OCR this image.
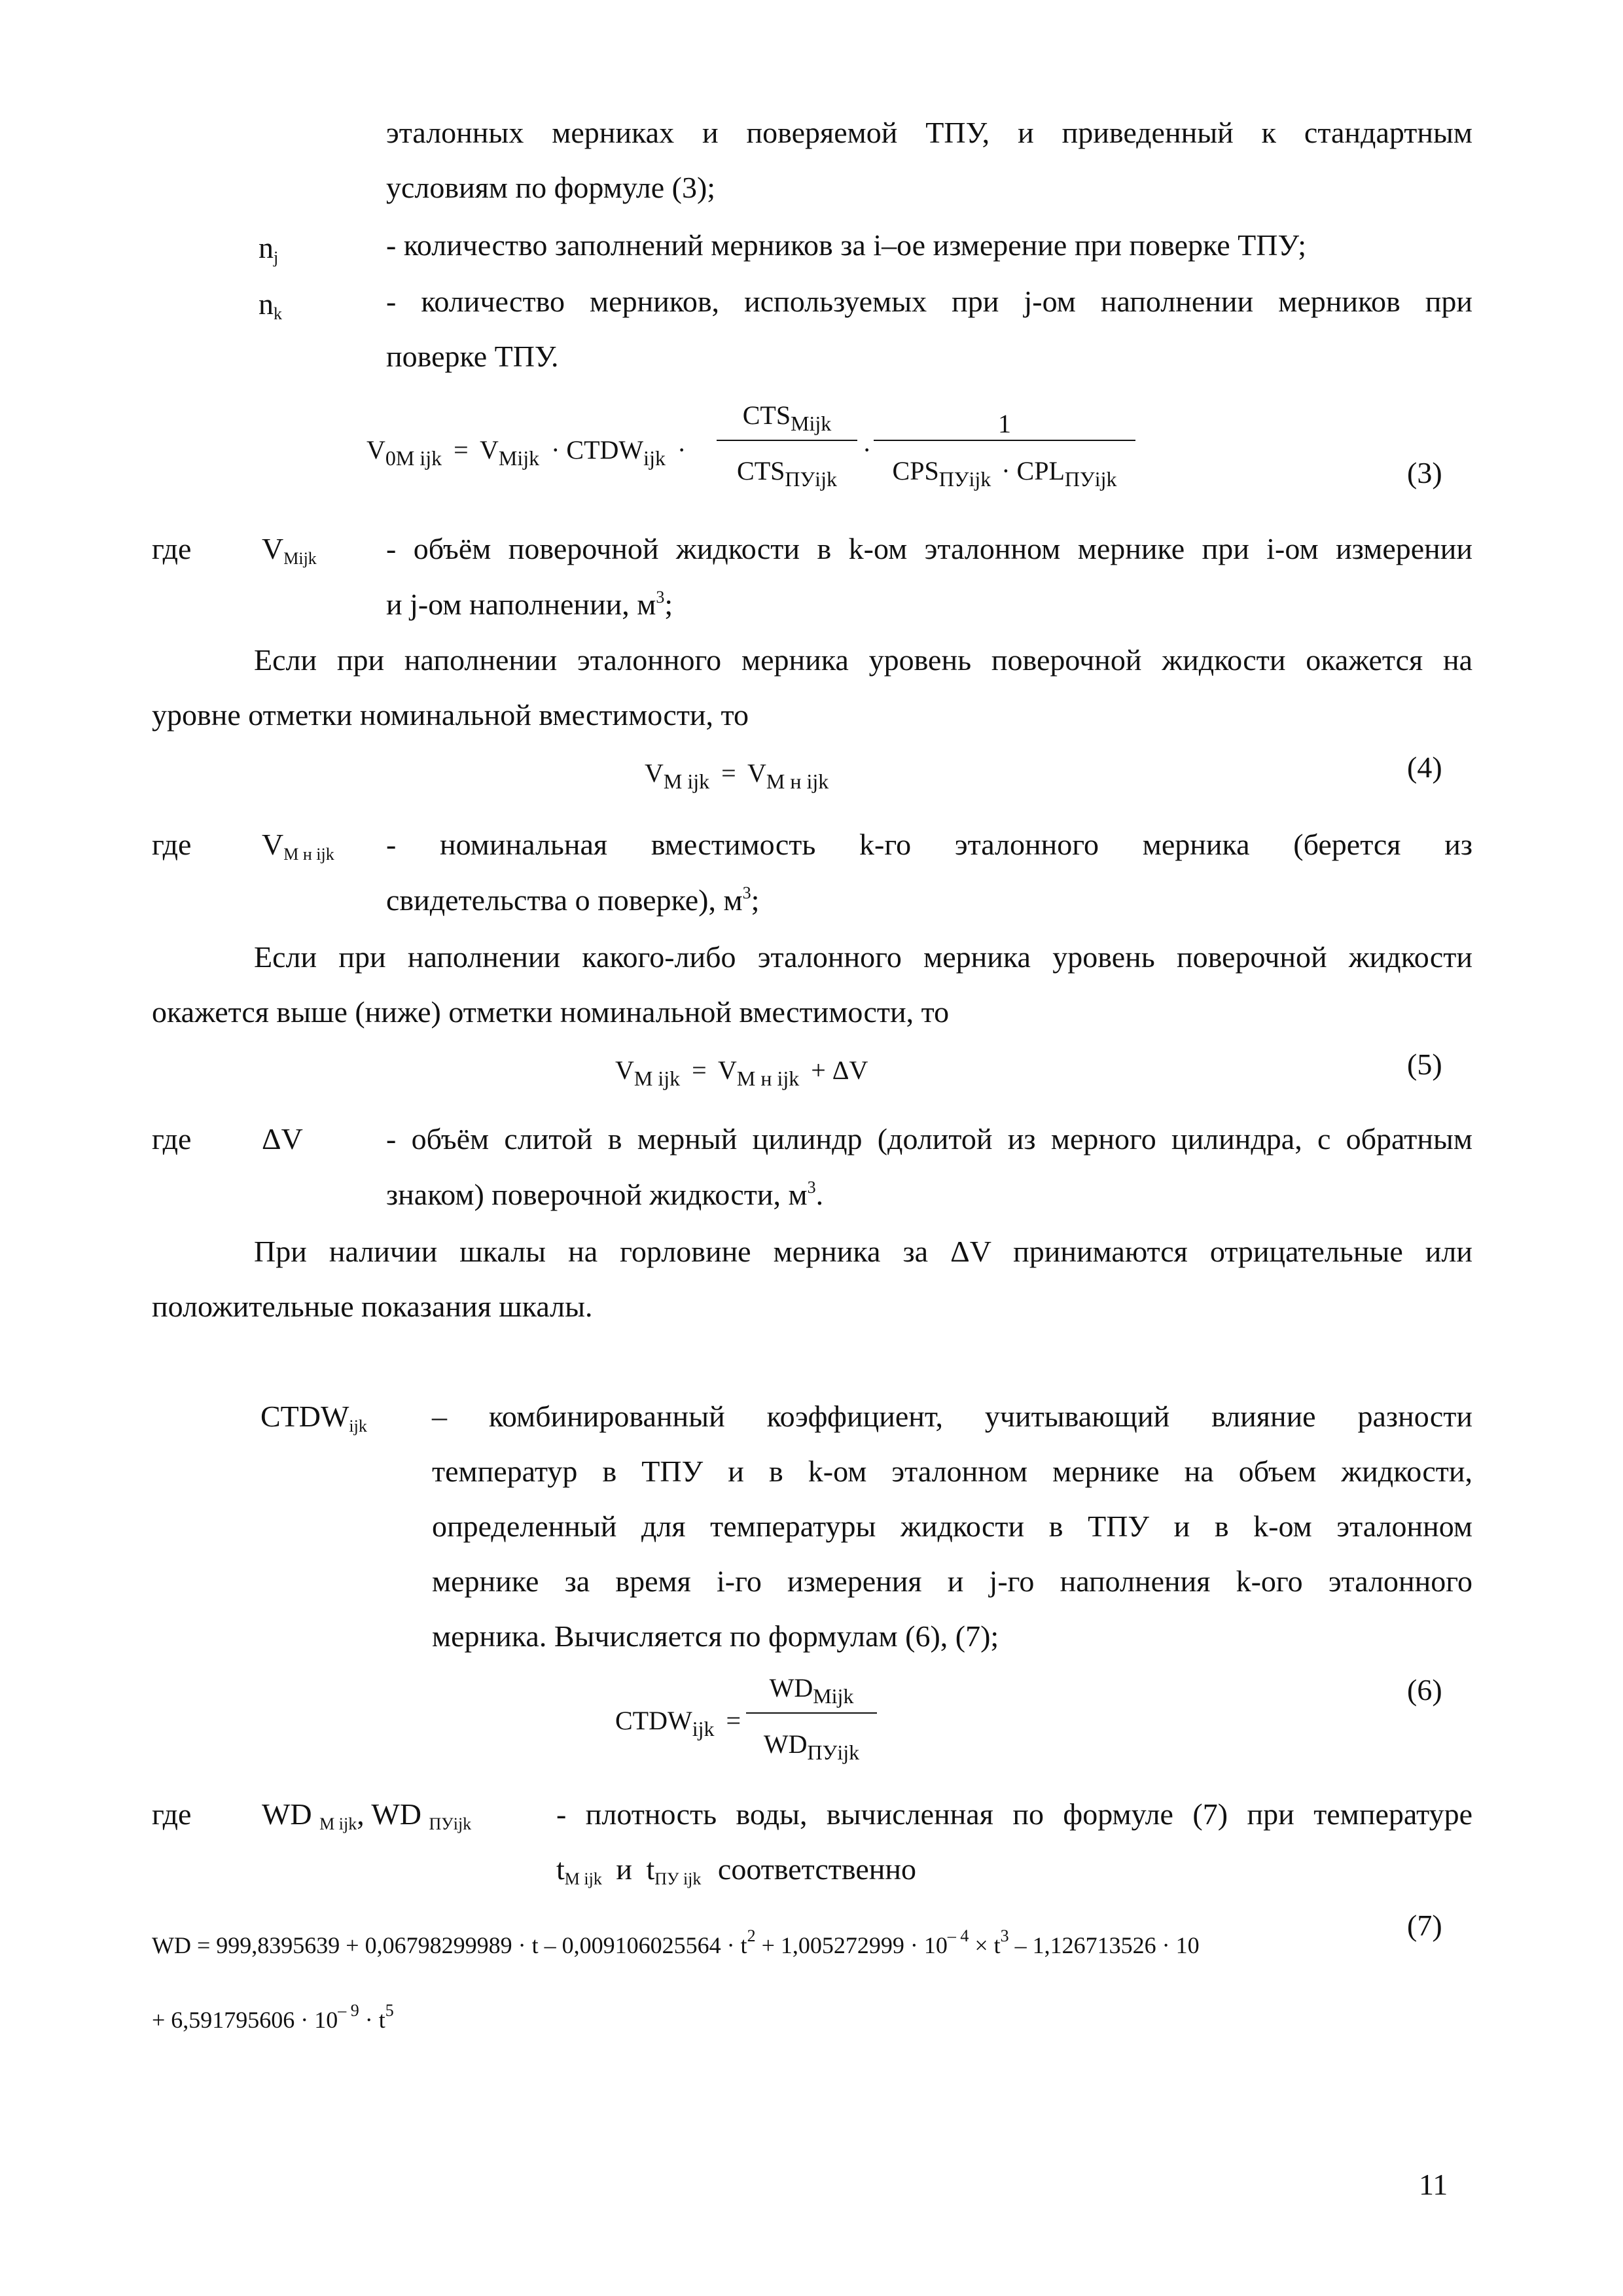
эталонных мерниках и поверяемой ТПУ, и приведенный к стандартным
условиям по формуле (3);
nj	- количество заполнений мерников за i–ое измерение при поверке ТПУ;
nk	- количество мерников, используемых при j-ом наполнении мерников при
поверке ТПУ.
$V_{0M ijk} = V_{Mijk}$ · $CTDW_{ijk}$ ·
$CTS_{Mijk}$
$CTS_{ПУijk}$
·
1
$CPS_{ПУijk} \cdot CPL_{ПУijk}$	(3)
где VMijk - объём поверочной жидкости в k-ом эталонном мернике при i-ом измерении
и j-ом наполнении, $м^3$;
Если при наполнении эталонного мерника уровень поверочной жидкости окажется на
уровне отметки номинальной вместимости, то
$V_{M ijk} = V_{M н ijk}$	(4)
где VM н ijk - номинальная вместимость k-го эталонного мерника (берется из
свидетельства о поверке), $м^3$;
Если при наполнении какого-либо эталонного мерника уровень поверочной жидкости
окажется выше (ниже) отметки номинальной вместимости, то
$V_{M ijk} = V_{M н ijk} + \Delta V$	(5)
где ΔV	- объём слитой в мерный цилиндр (долитой из мерного цилиндра, с обратным
знаком) поверочной жидкости, $м^3$.
При наличии шкалы на горловине мерника за ΔV принимаются отрицательные или
положительные показания шкалы.
CTDWijk – комбинированный коэффициент, учитывающий влияние разности
температур в ТПУ и в k-ом эталонном мернике на объем жидкости,
определенный для температуры жидкости в ТПУ и в k-ом эталонном
мернике за время i-го измерения и j-го наполнения k-ого эталонного
мерника. Вычисляется по формулам (6), (7);
$CTDW_{ijk}$ =
$WD_{Mijk}$
$WD_{ПУijk}$
(6)
где WD M ijk, WD ПУijk	- плотность воды, вычисленная по формуле (7) при температуре
tM ijk и tПУ ijk соответственно
WD = $999,8395639 + 0,06798299989 \cdot t - 0,009106025564 \cdot t^2 + 1,005272999 \cdot 10^{- 4} \times t^3 - 1,126713526 \cdot 10$
(7)
+ $6,591795606 \cdot 10^{- 9} \cdot t^5$
11
